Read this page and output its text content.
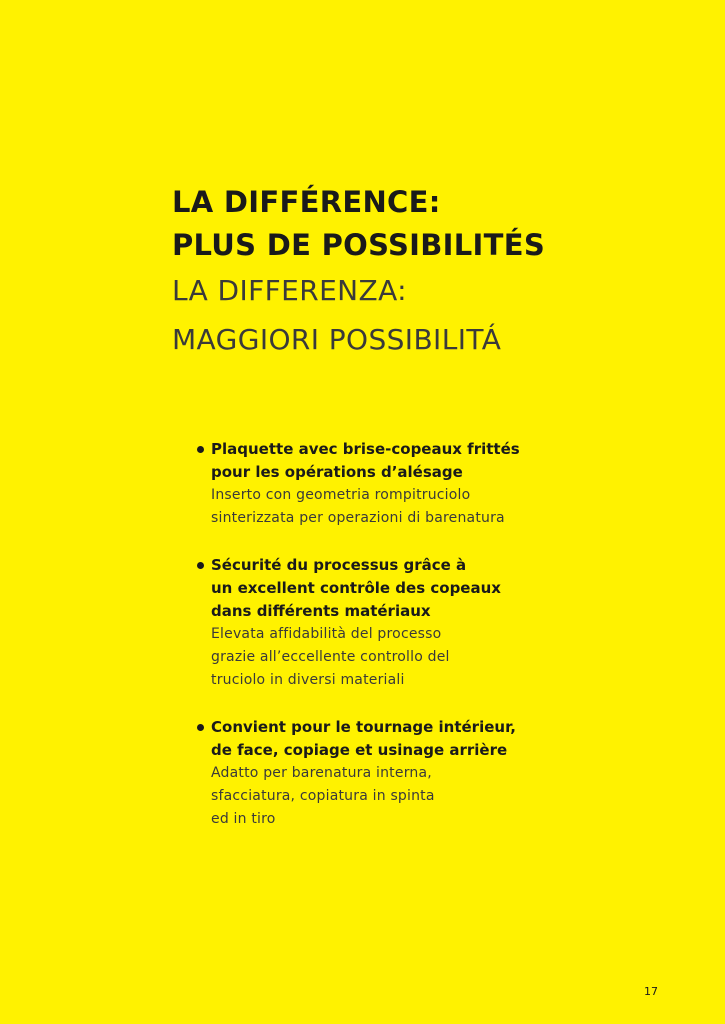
LA DIFFÉRENCE:
PLUS DE POSSIBILITÉS
LA DIFFERENZA:
MAGGIORI POSSIBILITÁ
Plaquette avec brise-copeaux frittés
pour les opérations d’alésage
Inserto con geometria rompitruciolo
sinterizzata per operazioni di barenatura
Sécurité du processus grâce à
un excellent contrôle des copeaux
dans différents matériaux
Elevata affidabilità del processo
grazie all’eccellente controllo del
truciolo in diversi materiali
Convient pour le tournage intérieur,
de face, copiage et usinage arrière
Adatto per barenatura interna,
sfacciatura, copiatura in spinta
ed in tiro
17
